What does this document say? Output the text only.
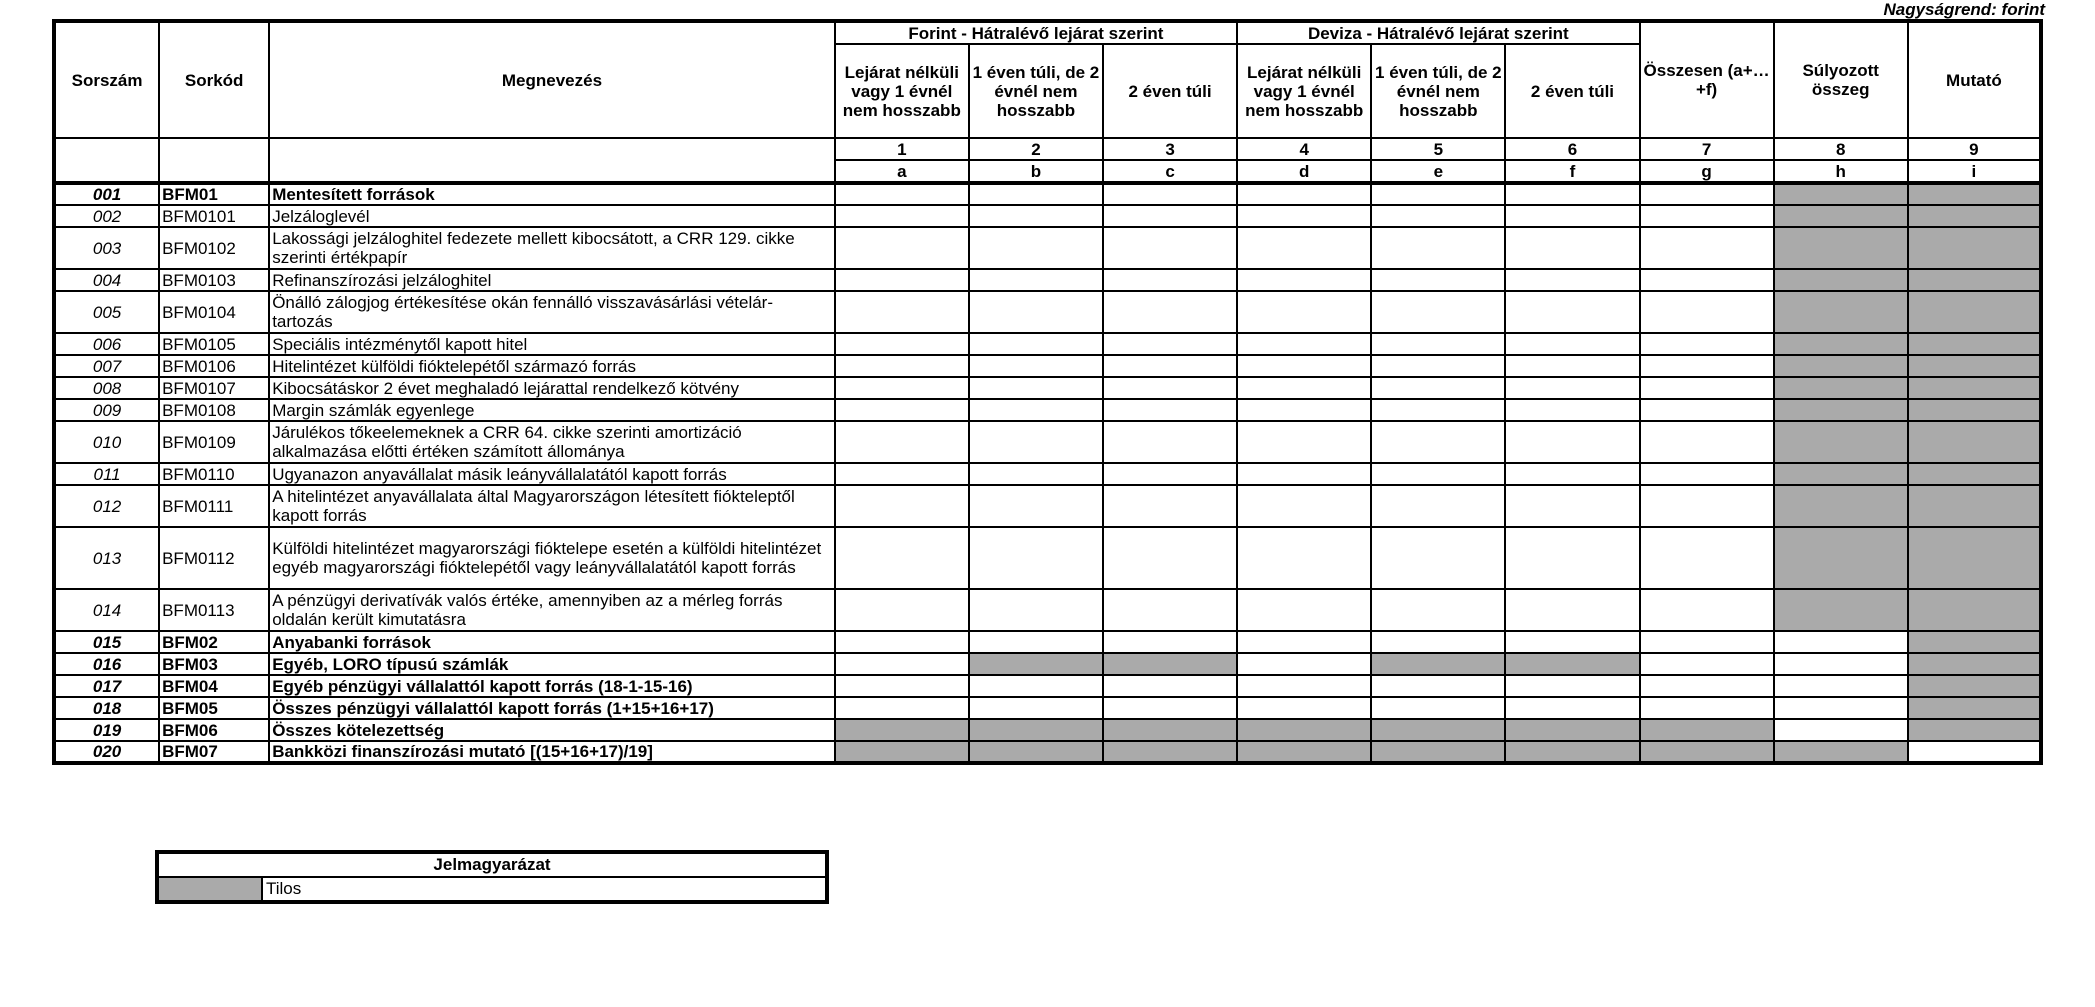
Nagyságrend: forint
Sorszám	Sorkód	Megnevezés	Forint - Hátralévő lejárat szerint			Deviza - Hátralévő lejárat szerint			Összesen (a+…+f)	Súlyozott összeg	Mutató
			Lejárat nélküli vagy 1 évnél nem hosszabb	1 éven túli, de 2 évnél nem hosszabb	2 éven túli	Lejárat nélküli vagy 1 évnél nem hosszabb	1 éven túli, de 2 évnél nem hosszabb	2 éven túli			
			1	2	3	4	5	6	7	8	9
			a	b	c	d	e	f	g	h	i
001	BFM01	Mentesített források									
002	BFM0101	Jelzáloglevél									
003	BFM0102	Lakossági jelzáloghitel fedezete mellett kibocsátott, a CRR 129. cikke szerinti értékpapír									
004	BFM0103	Refinanszírozási jelzáloghitel									
005	BFM0104	Önálló zálogjog értékesítése okán fennálló visszavásárlási vételár-tartozás									
006	BFM0105	Speciális intézménytől kapott hitel									
007	BFM0106	Hitelintézet külföldi fióktelepétől származó forrás									
008	BFM0107	Kibocsátáskor 2 évet meghaladó lejárattal rendelkező kötvény									
009	BFM0108	Margin számlák egyenlege									
010	BFM0109	Járulékos tőkeelemeknek a CRR 64. cikke szerinti amortizáció alkalmazása előtti értéken számított állománya									
011	BFM0110	Ugyanazon anyavállalat másik leányvállalatától kapott forrás									
012	BFM0111	A hitelintézet anyavállalata által Magyarországon létesített fiókteleptől kapott forrás									
013	BFM0112	Külföldi hitelintézet magyarországi fióktelepe esetén a külföldi hitelintézet egyéb magyarországi fióktelepétől vagy leányvállalatától kapott forrás									
014	BFM0113	A pénzügyi derivatívák valós értéke, amennyiben az a mérleg forrás oldalán került kimutatásra									
015	BFM02	Anyabanki források									
016	BFM03	Egyéb, LORO típusú számlák									
017	BFM04	Egyéb pénzügyi vállalattól kapott forrás (18-1-15-16)									
018	BFM05	Összes pénzügyi vállalattól kapott forrás (1+15+16+17)									
019	BFM06	Összes kötelezettség									
020	BFM07	Bankközi finanszírozási mutató [(15+16+17)/19]									
Jelmagyarázat
	Tilos
